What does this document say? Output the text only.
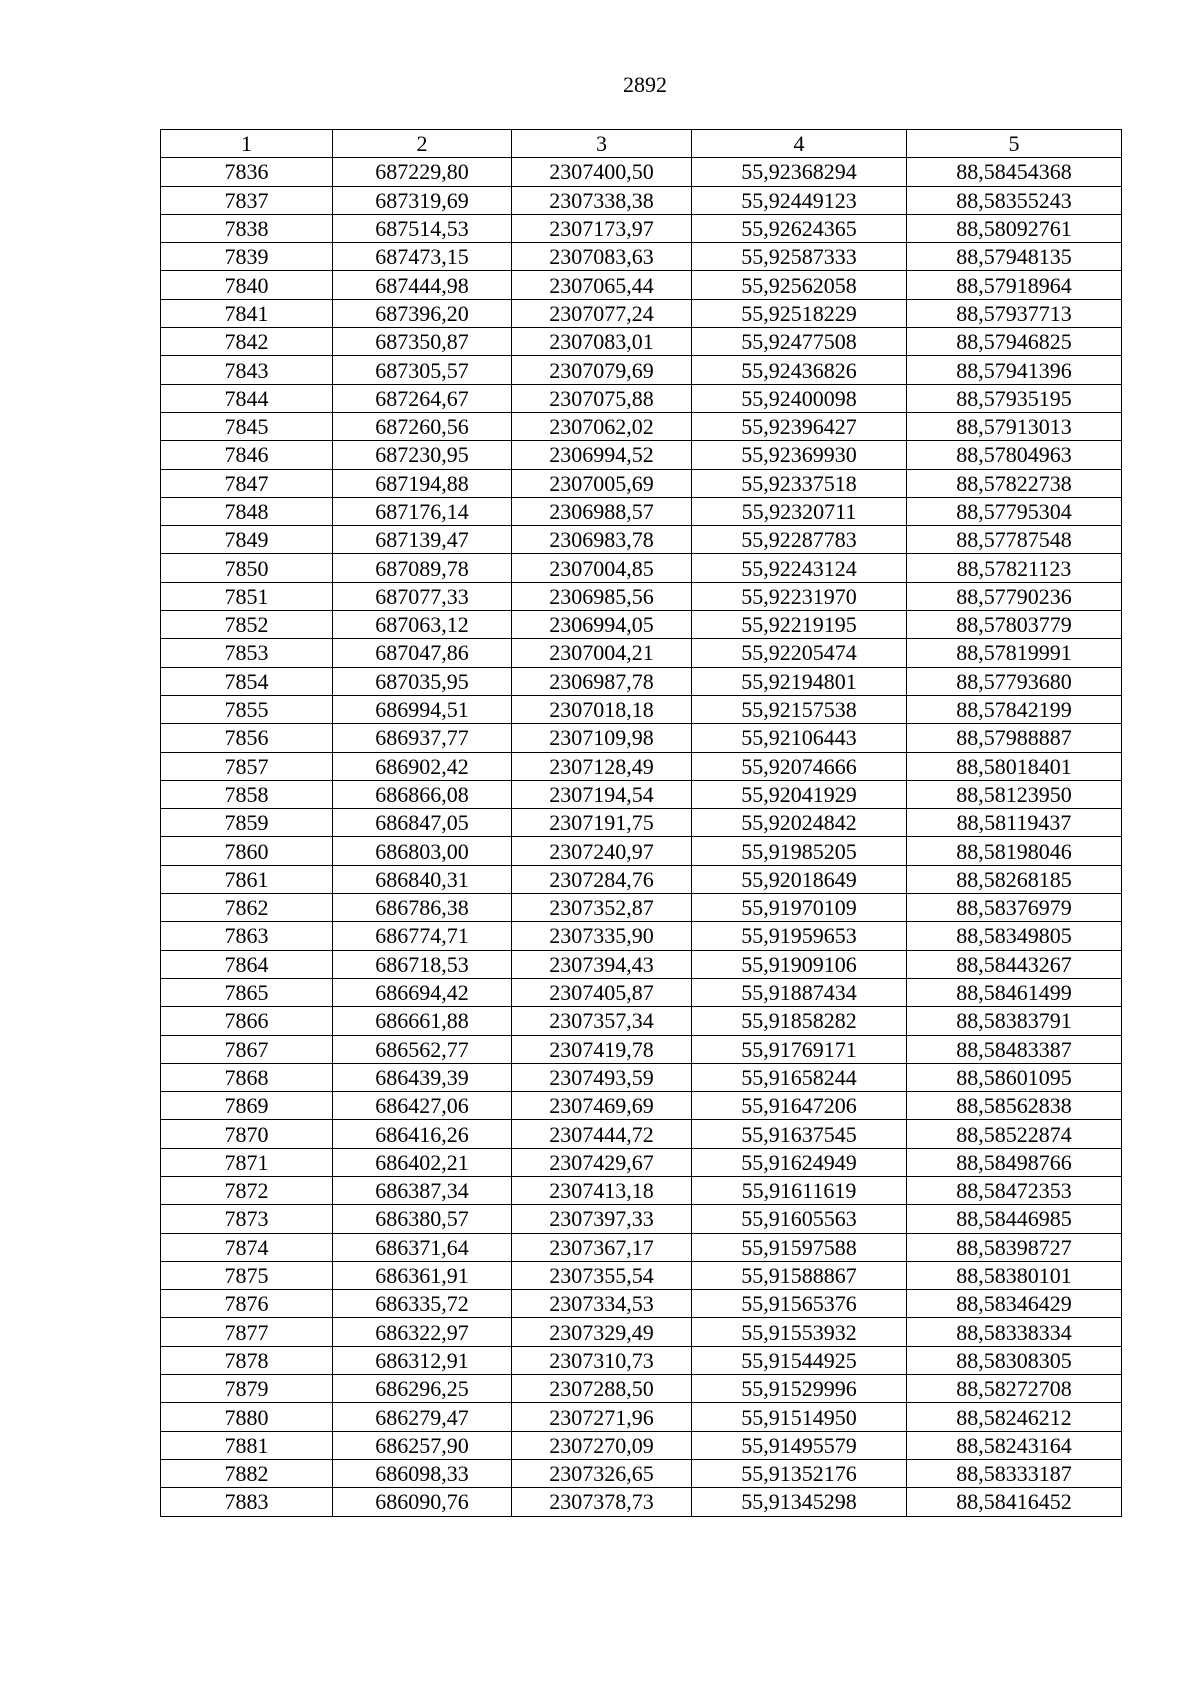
2892
1	2	3	4	5
7836	687229,80	2307400,50	55,92368294	88,58454368
7837	687319,69	2307338,38	55,92449123	88,58355243
7838	687514,53	2307173,97	55,92624365	88,58092761
7839	687473,15	2307083,63	55,92587333	88,57948135
7840	687444,98	2307065,44	55,92562058	88,57918964
7841	687396,20	2307077,24	55,92518229	88,57937713
7842	687350,87	2307083,01	55,92477508	88,57946825
7843	687305,57	2307079,69	55,92436826	88,57941396
7844	687264,67	2307075,88	55,92400098	88,57935195
7845	687260,56	2307062,02	55,92396427	88,57913013
7846	687230,95	2306994,52	55,92369930	88,57804963
7847	687194,88	2307005,69	55,92337518	88,57822738
7848	687176,14	2306988,57	55,92320711	88,57795304
7849	687139,47	2306983,78	55,92287783	88,57787548
7850	687089,78	2307004,85	55,92243124	88,57821123
7851	687077,33	2306985,56	55,92231970	88,57790236
7852	687063,12	2306994,05	55,92219195	88,57803779
7853	687047,86	2307004,21	55,92205474	88,57819991
7854	687035,95	2306987,78	55,92194801	88,57793680
7855	686994,51	2307018,18	55,92157538	88,57842199
7856	686937,77	2307109,98	55,92106443	88,57988887
7857	686902,42	2307128,49	55,92074666	88,58018401
7858	686866,08	2307194,54	55,92041929	88,58123950
7859	686847,05	2307191,75	55,92024842	88,58119437
7860	686803,00	2307240,97	55,91985205	88,58198046
7861	686840,31	2307284,76	55,92018649	88,58268185
7862	686786,38	2307352,87	55,91970109	88,58376979
7863	686774,71	2307335,90	55,91959653	88,58349805
7864	686718,53	2307394,43	55,91909106	88,58443267
7865	686694,42	2307405,87	55,91887434	88,58461499
7866	686661,88	2307357,34	55,91858282	88,58383791
7867	686562,77	2307419,78	55,91769171	88,58483387
7868	686439,39	2307493,59	55,91658244	88,58601095
7869	686427,06	2307469,69	55,91647206	88,58562838
7870	686416,26	2307444,72	55,91637545	88,58522874
7871	686402,21	2307429,67	55,91624949	88,58498766
7872	686387,34	2307413,18	55,91611619	88,58472353
7873	686380,57	2307397,33	55,91605563	88,58446985
7874	686371,64	2307367,17	55,91597588	88,58398727
7875	686361,91	2307355,54	55,91588867	88,58380101
7876	686335,72	2307334,53	55,91565376	88,58346429
7877	686322,97	2307329,49	55,91553932	88,58338334
7878	686312,91	2307310,73	55,91544925	88,58308305
7879	686296,25	2307288,50	55,91529996	88,58272708
7880	686279,47	2307271,96	55,91514950	88,58246212
7881	686257,90	2307270,09	55,91495579	88,58243164
7882	686098,33	2307326,65	55,91352176	88,58333187
7883	686090,76	2307378,73	55,91345298	88,58416452
